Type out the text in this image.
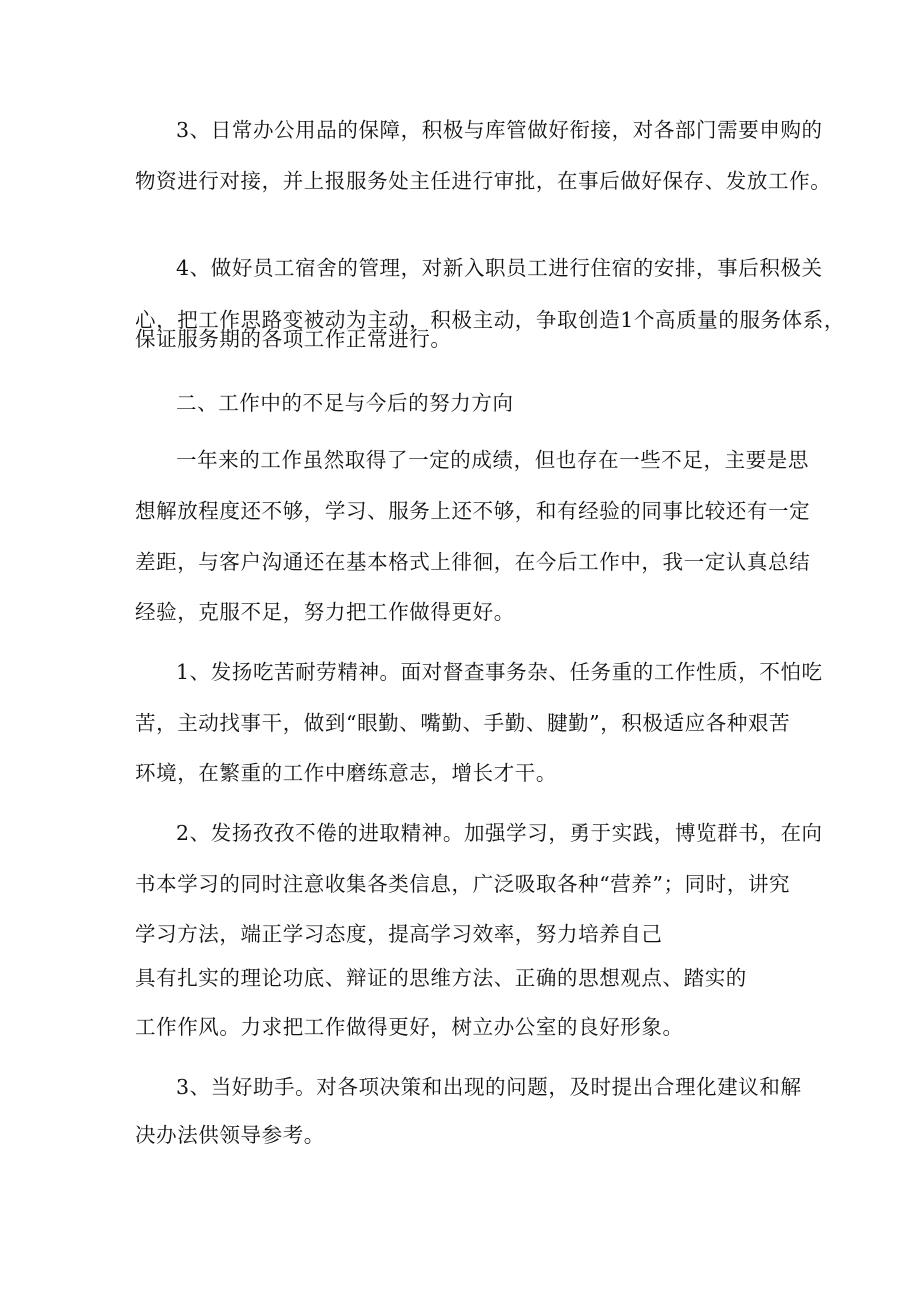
3、日常办公用品的保障，积极与库管做好衔接，对各部门需要申购的
物资进行对接，并上报服务处主任进行审批，在事后做好保存、发放工作。
4、做好员工宿舍的管理，对新入职员工进行住宿的安排，事后积极关
心，把工作思路变被动为主动，积极主动，争取创造1个高质量的服务体系，
保证服务期的各项工作正常进行。
二、工作中的不足与今后的努力方向
一年来的工作虽然取得了一定的成绩，但也存在一些不足，主要是思
想解放程度还不够，学习、服务上还不够，和有经验的同事比较还有一定
差距，与客户沟通还在基本格式上徘徊，在今后工作中，我一定认真总结
经验，克服不足，努力把工作做得更好。
1、发扬吃苦耐劳精神。面对督查事务杂、任务重的工作性质，不怕吃
苦，主动找事干，做到“眼勤、嘴勤、手勤、腱勤”，积极适应各种艰苦
环境，在繁重的工作中磨练意志，增长才干。
2、发扬孜孜不倦的进取精神。加强学习，勇于实践，博览群书，在向
书本学习的同时注意收集各类信息，广泛吸取各种“营养”；同时，讲究
学习方法，端正学习态度，提高学习效率，努力培养自己
具有扎实的理论功底、辩证的思维方法、正确的思想观点、踏实的
工作作风。力求把工作做得更好，树立办公室的良好形象。
3、当好助手。对各项决策和出现的问题，及时提出合理化建议和解
决办法供领导参考。
